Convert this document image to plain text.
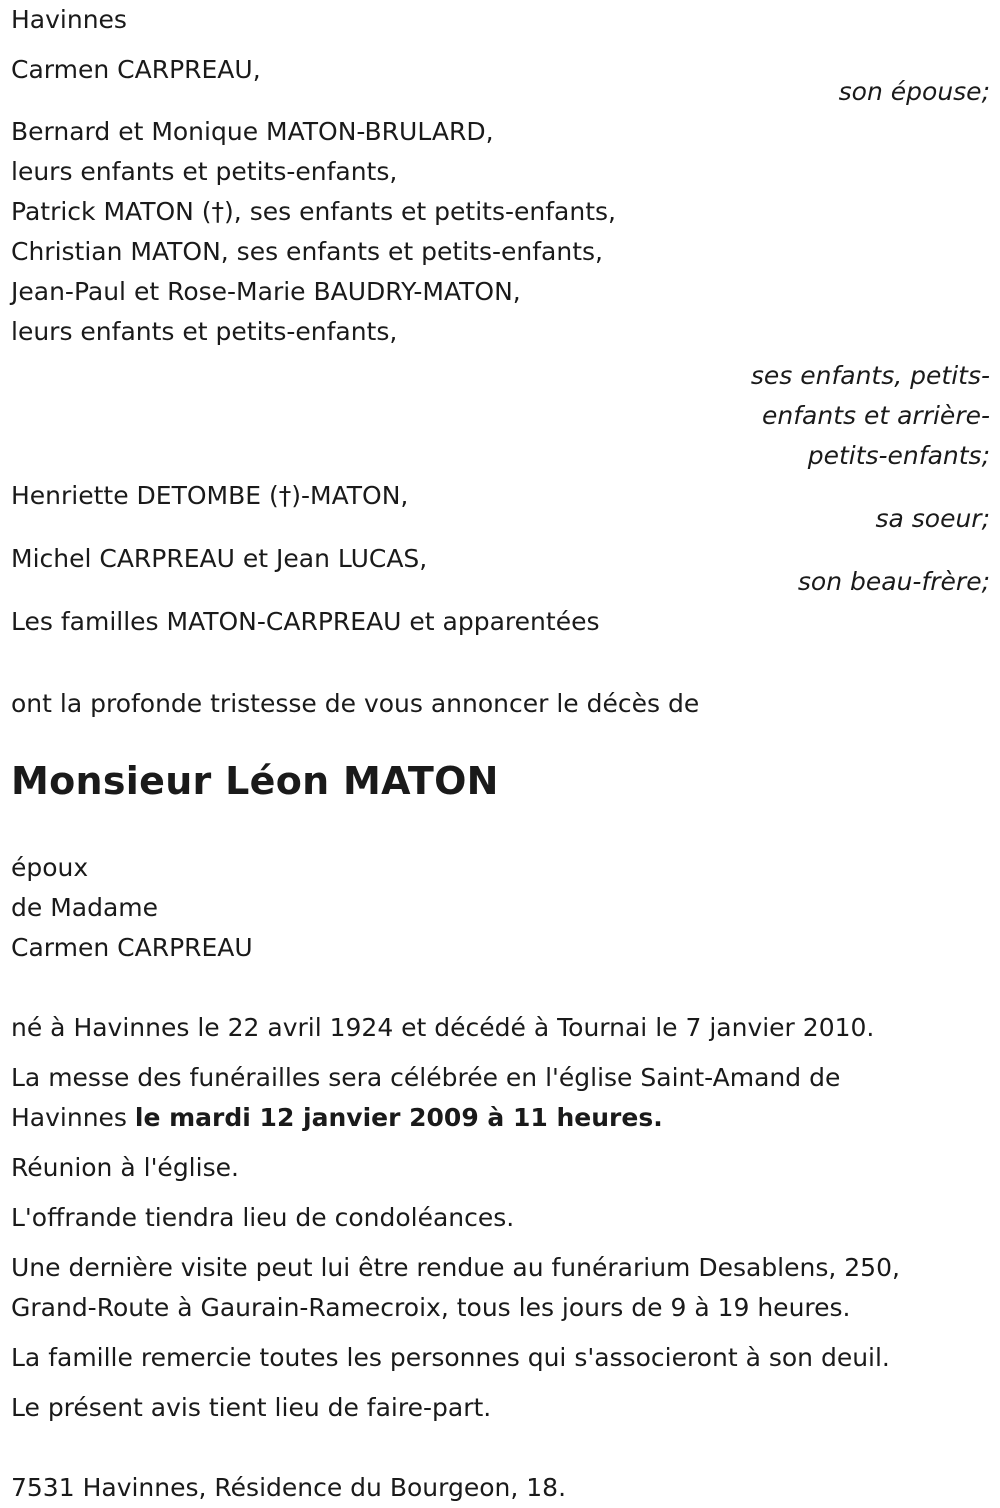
Havinnes

Carmen CARPREAU,

son épouse;

Bernard et Monique MATON-BRULARD,

leurs enfants et petits-enfants,

Patrick MATON (†), ses enfants et petits-enfants,

Christian MATON, ses enfants et petits-enfants,

Jean-Paul et Rose-Marie BAUDRY-MATON,

leurs enfants et petits-enfants,

ses enfants, petits-

enfants et arrière-

petits-enfants;

Henriette DETOMBE (†)-MATON,

sa soeur;

Michel CARPREAU et Jean LUCAS,

son beau-frère;

Les familles MATON-CARPREAU et apparentées

ont la profonde tristesse de vous annoncer le décès de

Monsieur Léon MATON

époux

de Madame

Carmen CARPREAU

né à Havinnes le 22 avril 1924 et décédé à Tournai le 7 janvier 2010.

La messe des funérailles sera célébrée en l'église Saint-Amand de

Havinnes le mardi 12 janvier 2009 à 11 heures.

Réunion à l'église.

L'offrande tiendra lieu de condoléances.

Une dernière visite peut lui être rendue au funérarium Desablens, 250,

Grand-Route à Gaurain-Ramecroix, tous les jours de 9 à 19 heures.

La famille remercie toutes les personnes qui s'associeront à son deuil.

Le présent avis tient lieu de faire-part.

7531 Havinnes, Résidence du Bourgeon, 18.
